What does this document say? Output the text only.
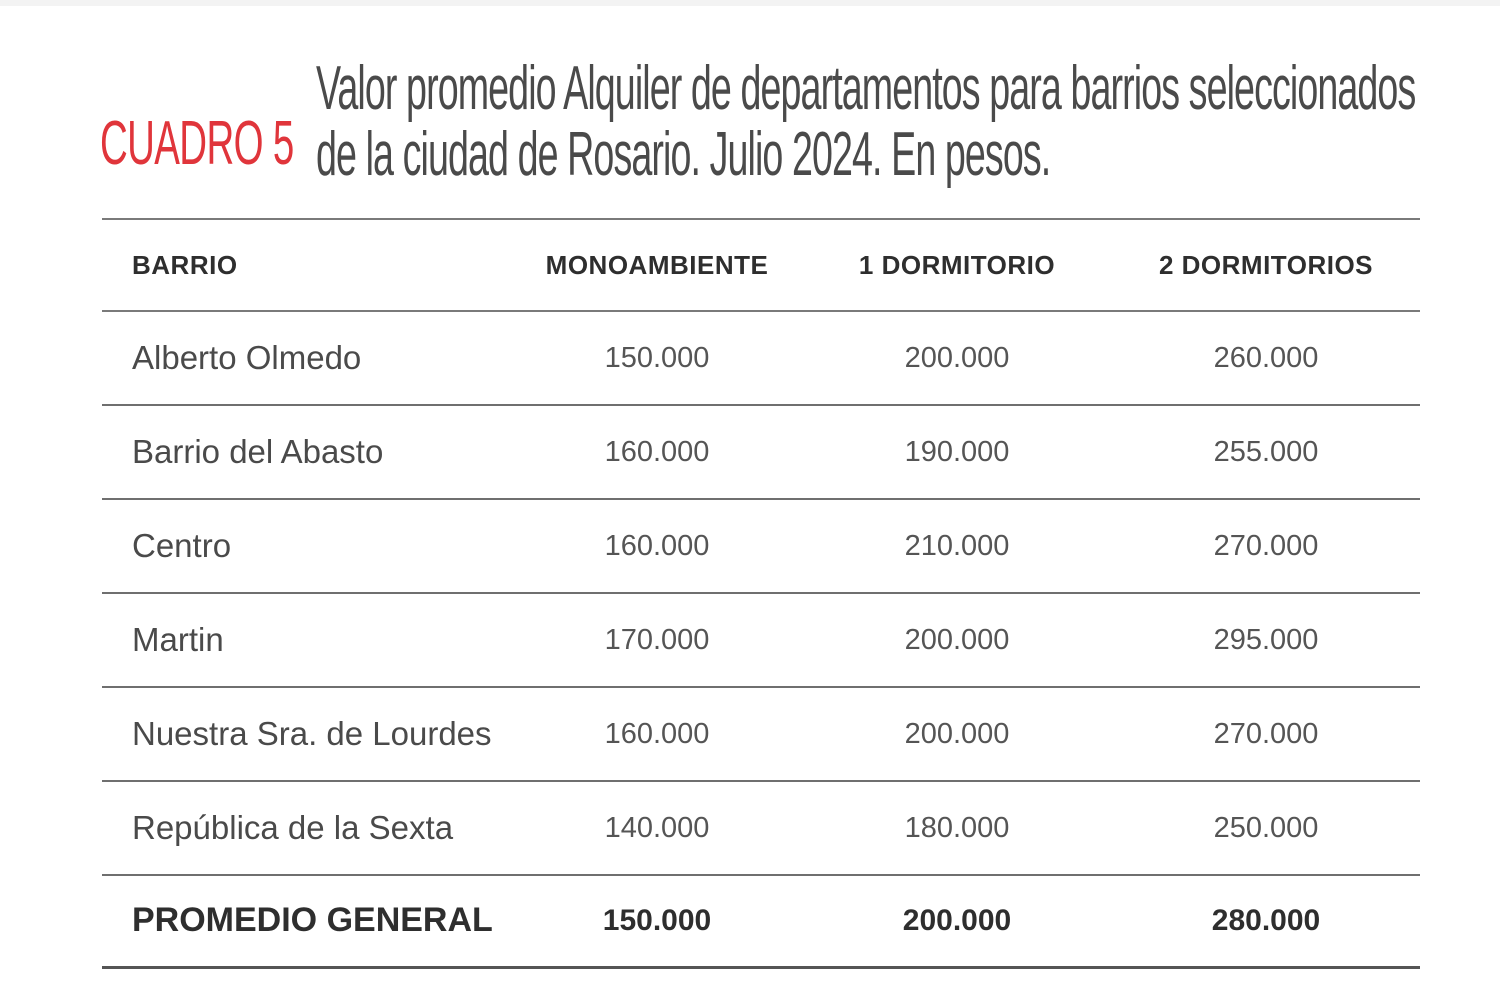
CUADRO 5
Valor promedio Alquiler de departamentos para barrios seleccionados
de la ciudad de Rosario. Julio 2024. En pesos.
BARRIO	MONOAMBIENTE	1 DORMITORIO	2 DORMITORIOS
Alberto Olmedo	150.000	200.000	260.000
Barrio del Abasto	160.000	190.000	255.000
Centro	160.000	210.000	270.000
Martin	170.000	200.000	295.000
Nuestra Sra. de Lourdes	160.000	200.000	270.000
República de la Sexta	140.000	180.000	250.000
PROMEDIO GENERAL	150.000	200.000	280.000
